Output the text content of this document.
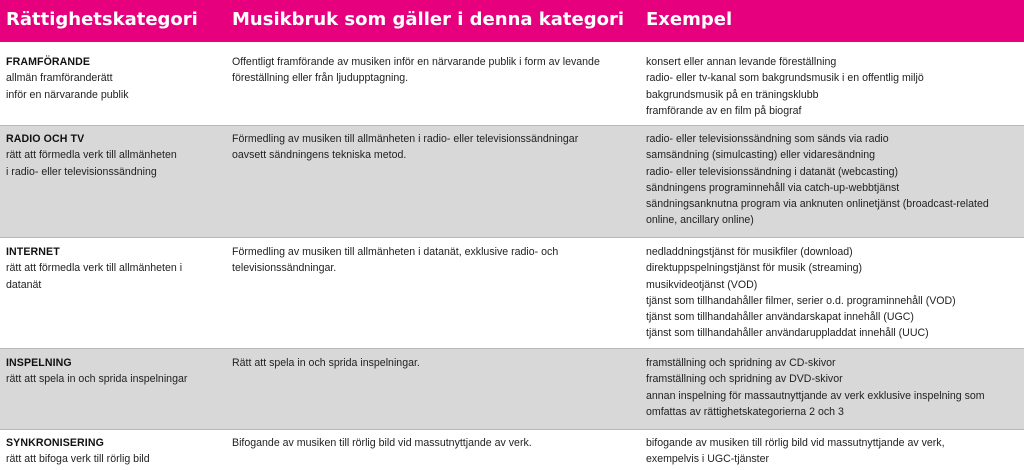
Rättighetskategori Musikbruk som gäller i denna kategori Exempel
FRAMFÖRANDE
allmän framföranderätt
inför en närvarande publik
Offentligt framförande av musiken inför en närvarande publik i form av levande
föreställning eller från ljudupptagning.
konsert eller annan levande föreställning
radio- eller tv-kanal som bakgrundsmusik i en offentlig miljö
bakgrundsmusik på en träningsklubb
framförande av en film på biograf
RADIO OCH TV
rätt att förmedla verk till allmänheten
i radio- eller televisionssändning
Förmedling av musiken till allmänheten i radio- eller televisionssändningar
oavsett sändningens tekniska metod.
radio- eller televisionssändning som sänds via radio
samsändning (simulcasting) eller vidaresändning
radio- eller televisionssändning i datanät (webcasting)
sändningens programinnehåll via catch-up-webbtjänst
sändningsanknutna program via anknuten onlinetjänst (broadcast-related
online, ancillary online)
INTERNET
rätt att förmedla verk till allmänheten i
datanät
Förmedling av musiken till allmänheten i datanät, exklusive radio- och
televisionssändningar.
nedladdningstjänst för musikfiler (download)
direktuppspelningstjänst för musik (streaming)
musikvideotjänst (VOD)
tjänst som tillhandahåller filmer, serier o.d. programinnehåll (VOD)
tjänst som tillhandahåller användarskapat innehåll (UGC)
tjänst som tillhandahåller användaruppladdat innehåll (UUC)
INSPELNING
rätt att spela in och sprida inspelningar
Rätt att spela in och sprida inspelningar.	framställning och spridning av CD-skivor
framställning och spridning av DVD-skivor
annan inspelning för massautnyttjande av verk exklusive inspelning som
omfattas av rättighetskategorierna 2 och 3
SYNKRONISERING
rätt att bifoga verk till rörlig bild
Bifogande av musiken till rörlig bild vid massutnyttjande av verk.	bifogande av musiken till rörlig bild vid massutnyttjande av verk,
exempelvis i UGC-tjänster
